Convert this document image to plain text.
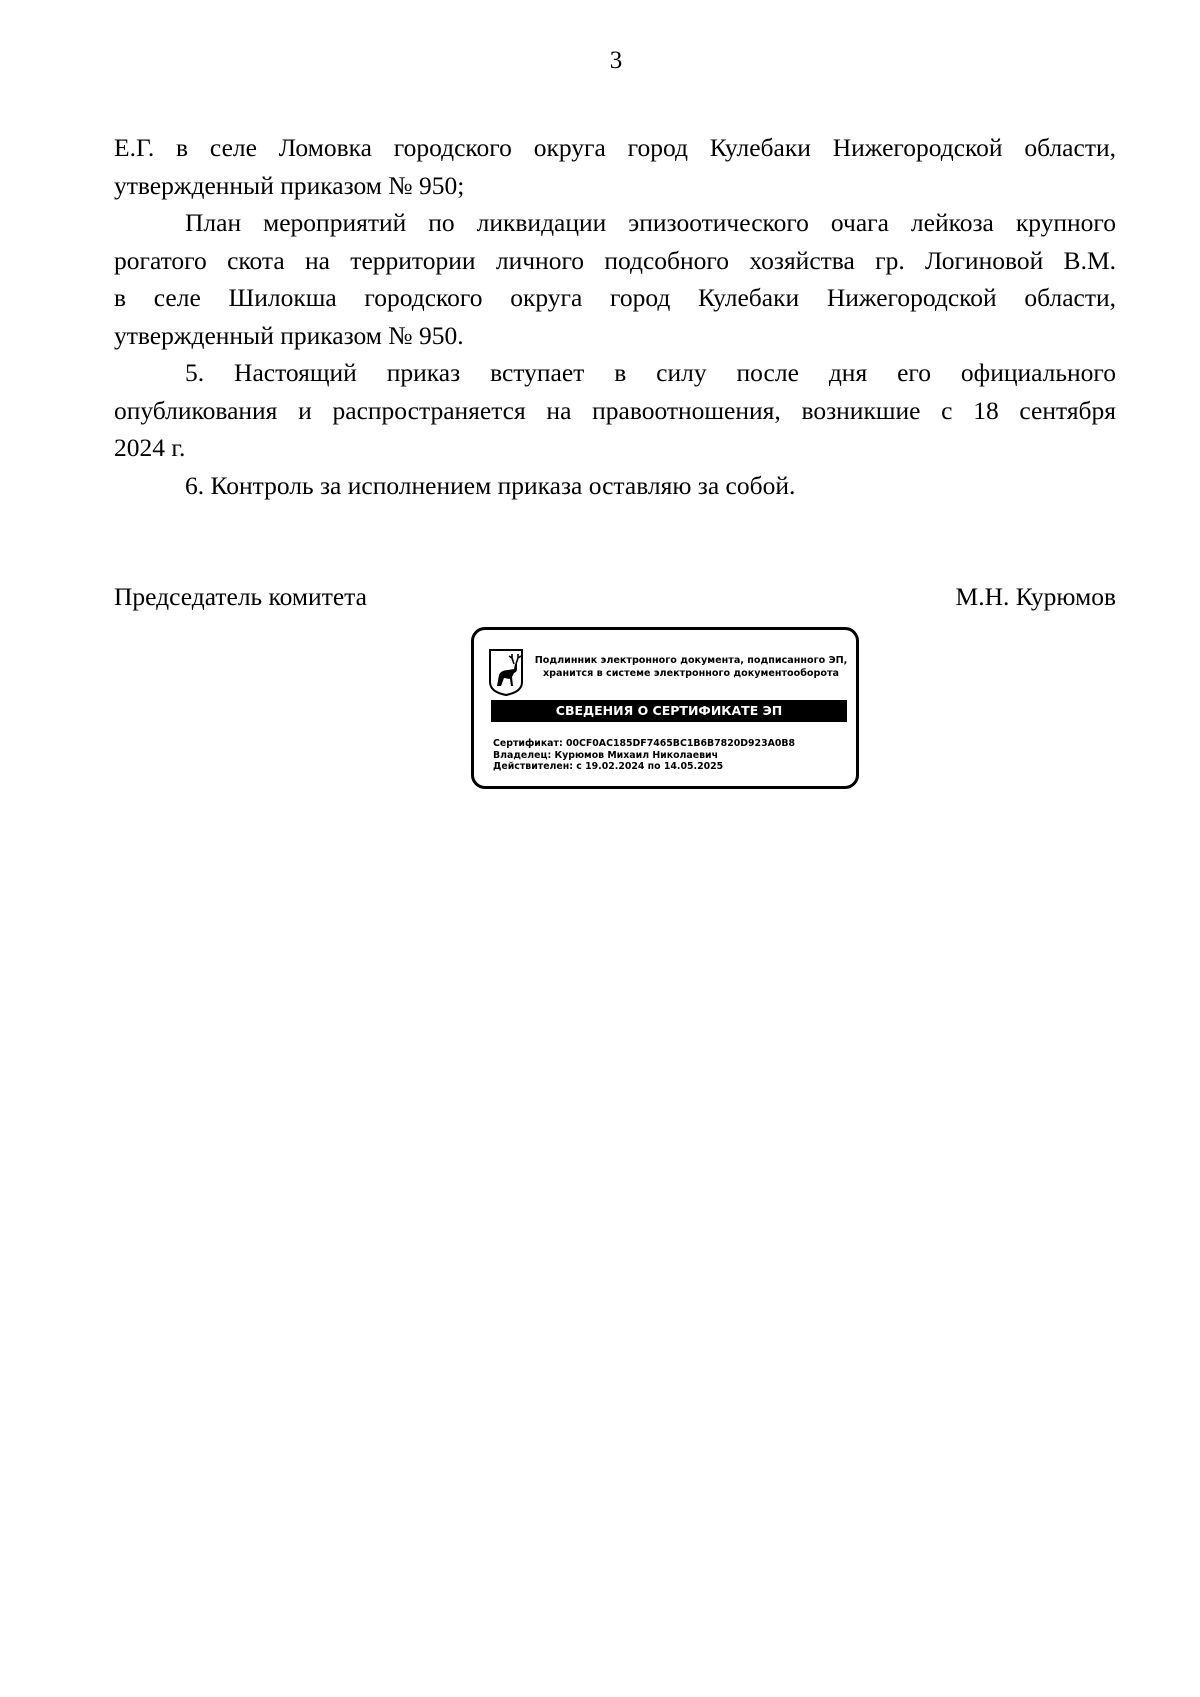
3

Е.Г. в селе Ломовка городского округа город Кулебаки Нижегородской области,
утвержденный приказом № 950;

План мероприятий по ликвидации эпизоотического очага лейкоза крупного
рогатого скота на территории личного подсобного хозяйства гр. Логиновой В.М.
в селе Шилокша городского округа город Кулебаки Нижегородской области,
утвержденный приказом № 950.

5. Настоящий приказ вступает в силу после дня его официального
опубликования и распространяется на правоотношения, возникшие с 18 сентября
2024 г.

6. Контроль за исполнением приказа оставляю за собой.

Председатель комитета	М.Н. Курюмов
Подлинник электронного документа, подписанного ЭП,
хранится в системе электронного документооборота
СВЕДЕНИЯ О СЕРТИФИКАТЕ ЭП
Сертификат: 00CF0AC185DF7465BC1B6B7820D923A0B8
Владелец: Курюмов Михаил Николаевич
Действителен: с 19.02.2024 по 14.05.2025
